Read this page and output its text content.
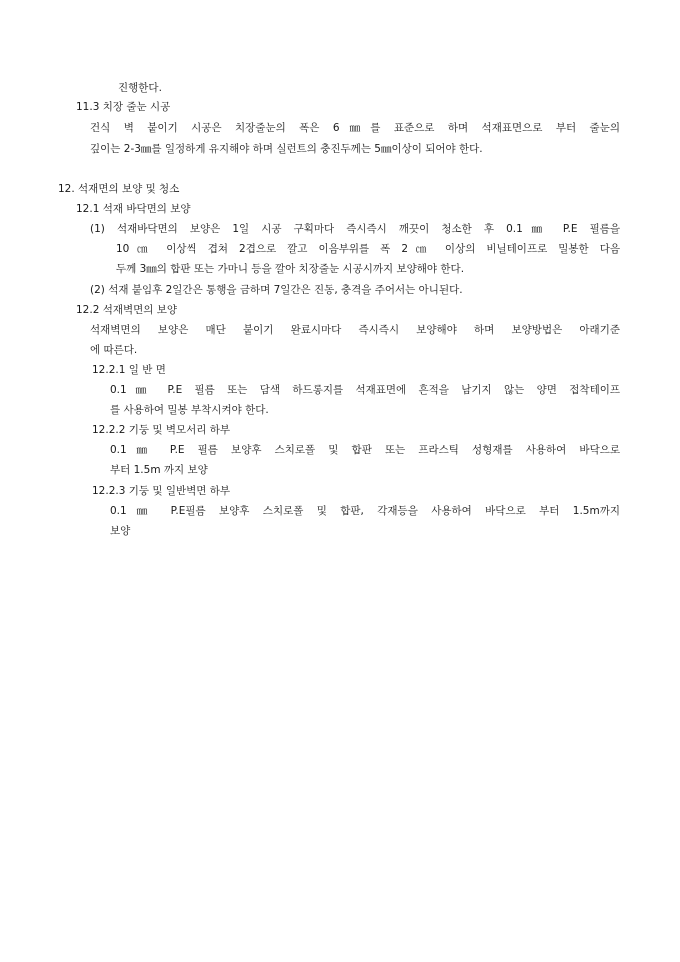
진행한다.
11.3 치장 줄눈 시공
건식 벽 붙이기 시공은 치장줄눈의 폭은 6㎜를 표준으로 하며 석재표면으로 부터 줄눈의
깊이는 2-3㎜를 일정하게 유지해야 하며 실런트의 충진두께는 5㎜이상이 되어야 한다.
12. 석재면의 보양 및 청소
12.1 석재 바닥면의 보양
(1) 석재바닥면의 보양은 1일 시공 구획마다 즉시즉시 깨끗이 청소한 후 0.1㎜ P.E 필름을
10㎝ 이상씩 겹쳐 2겹으로 깔고 이음부위를 폭 2㎝ 이상의 비닐테이프로 밀봉한 다음
두께 3㎜의 합판 또는 가마니 등을 깔아 치장줄눈 시공시까지 보양해야 한다.
(2) 석재 붙임후 2일간은 통행을 금하며 7일간은 진동, 충격을 주어서는 아니된다.
12.2 석재벽면의 보양
석재벽면의 보양은 매단 붙이기 완료시마다 즉시즉시 보양해야 하며 보양방법은 아래기준
에 따른다.
12.2.1 일 반 면
0.1㎜ P.E 필름 또는 담색 하드롱지를 석재표면에 흔적을 남기지 않는 양면 접착테이프
를 사용하여 밀봉 부착시켜야 한다.
12.2.2 기둥 및 벽모서리 하부
0.1㎜ P.E 필름 보양후 스치로폴 및 합판 또는 프라스틱 성형재를 사용하여 바닥으로
부터 1.5m 까지 보양
12.2.3 기둥 및 일반벽면 하부
0.1㎜ P.E필름 보양후 스치로폴 및 합판, 각재등을 사용하여 바닥으로 부터 1.5m까지
보양
